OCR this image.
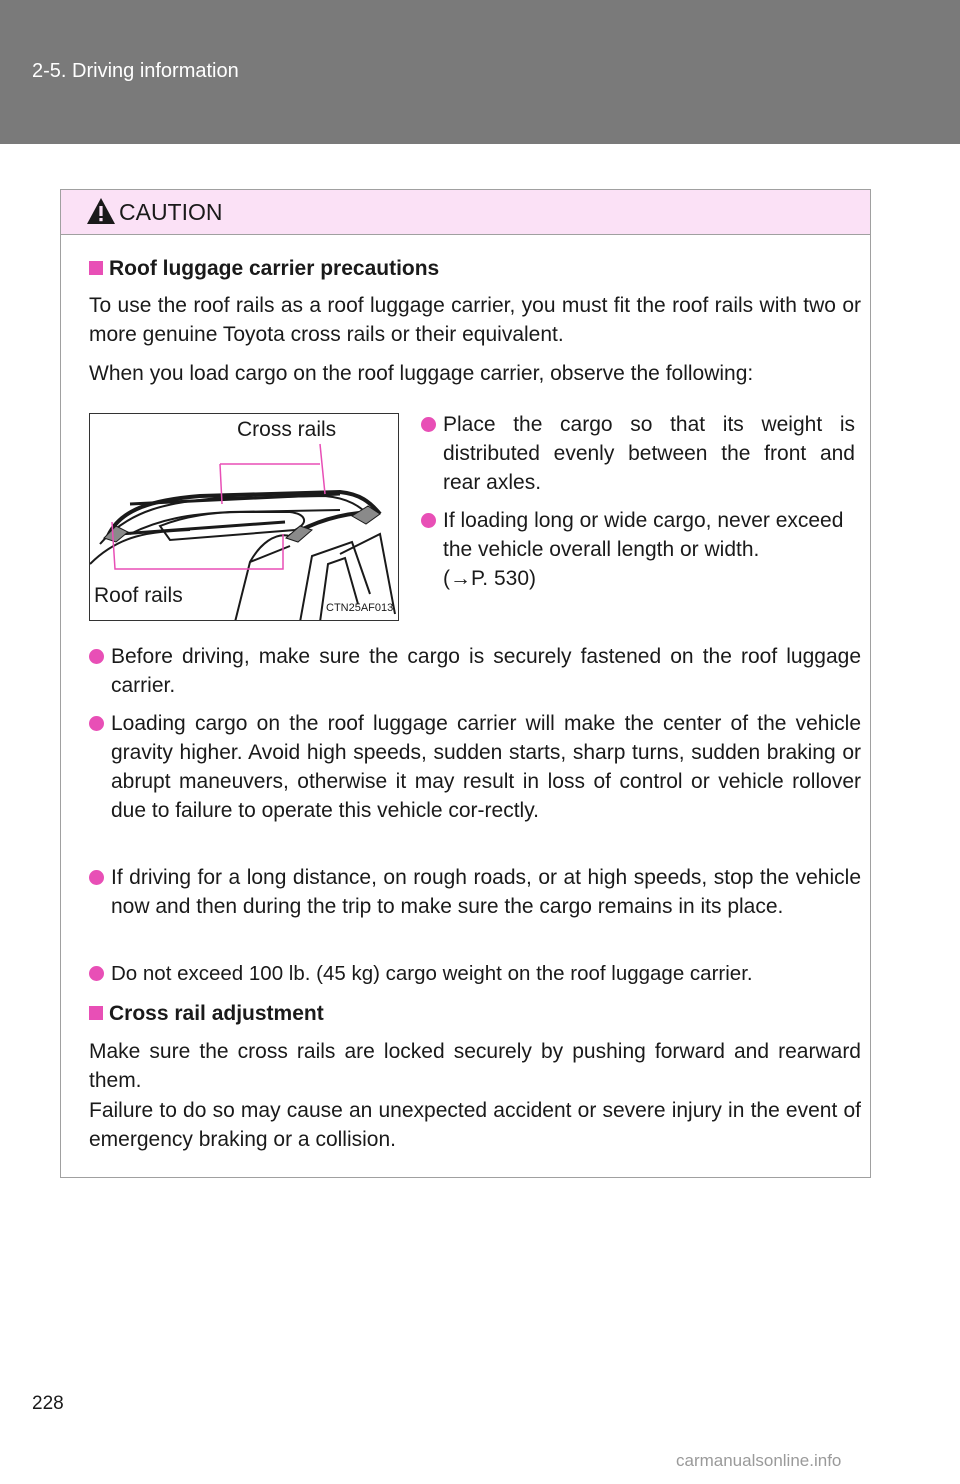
2-5. Driving information
CAUTION
Roof luggage carrier precautions
To use the roof rails as a roof luggage carrier, you must fit the roof rails with two or more genuine Toyota cross rails or their equivalent.
When you load cargo on the roof luggage carrier, observe the following:
Cross rails
Roof rails
CTN25AF013
Place the cargo so that its weight is distributed evenly between the front and rear axles.
If loading long or wide cargo, never exceed the vehicle overall length or width.
(→P. 530)
Before driving, make sure the cargo is securely fastened on the roof luggage carrier.
Loading cargo on the roof luggage carrier will make the center of the vehicle gravity higher. Avoid high speeds, sudden starts, sharp turns, sudden braking or abrupt maneuvers, otherwise it may result in loss of control or vehicle rollover due to failure to operate this vehicle cor-rectly.
If driving for a long distance, on rough roads, or at high speeds, stop the vehicle now and then during the trip to make sure the cargo remains in its place.
Do not exceed 100 lb. (45 kg) cargo weight on the roof luggage carrier.
Cross rail adjustment
Make sure the cross rails are locked securely by pushing forward and rearward them.
Failure to do so may cause an unexpected accident or severe injury in the event of emergency braking or a collision.
228
carmanualsonline.info
